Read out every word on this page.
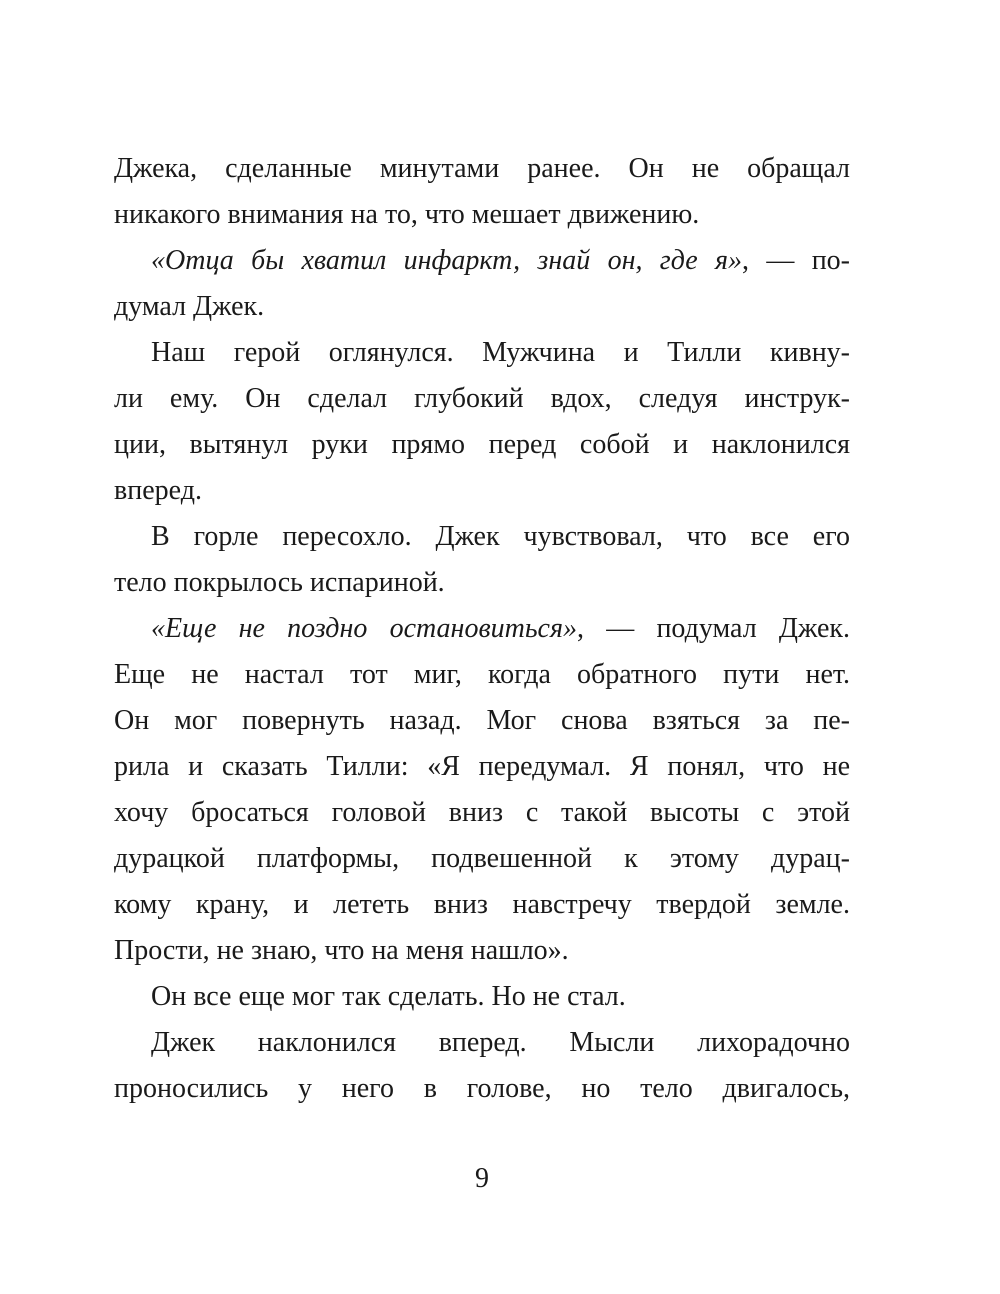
Джека, сделанные минутами ранее. Он не обращал
никакого внимания на то, что мешает движению.
«Отца бы хватил инфаркт, знай он, где я», — по-
думал Джек.
Наш герой оглянулся. Мужчина и Тилли кивну-
ли ему. Он сделал глубокий вдох, следуя инструк-
ции, вытянул руки прямо перед собой и наклонился
вперед.
В горле пересохло. Джек чувствовал, что все его
тело покрылось испариной.
«Еще не поздно остановиться», — подумал Джек.
Еще не настал тот миг, когда обратного пути нет.
Он мог повернуть назад. Мог снова взяться за пе-
рила и сказать Тилли: «Я передумал. Я понял, что не
хочу бросаться головой вниз с такой высоты с этой
дурацкой платформы, подвешенной к этому дурац-
кому крану, и лететь вниз навстречу твердой земле.
Прости, не знаю, что на меня нашло».
Он все еще мог так сделать. Но не стал.
Джек наклонился вперед. Мысли лихорадочно
проносились у него в голове, но тело двигалось,
9
